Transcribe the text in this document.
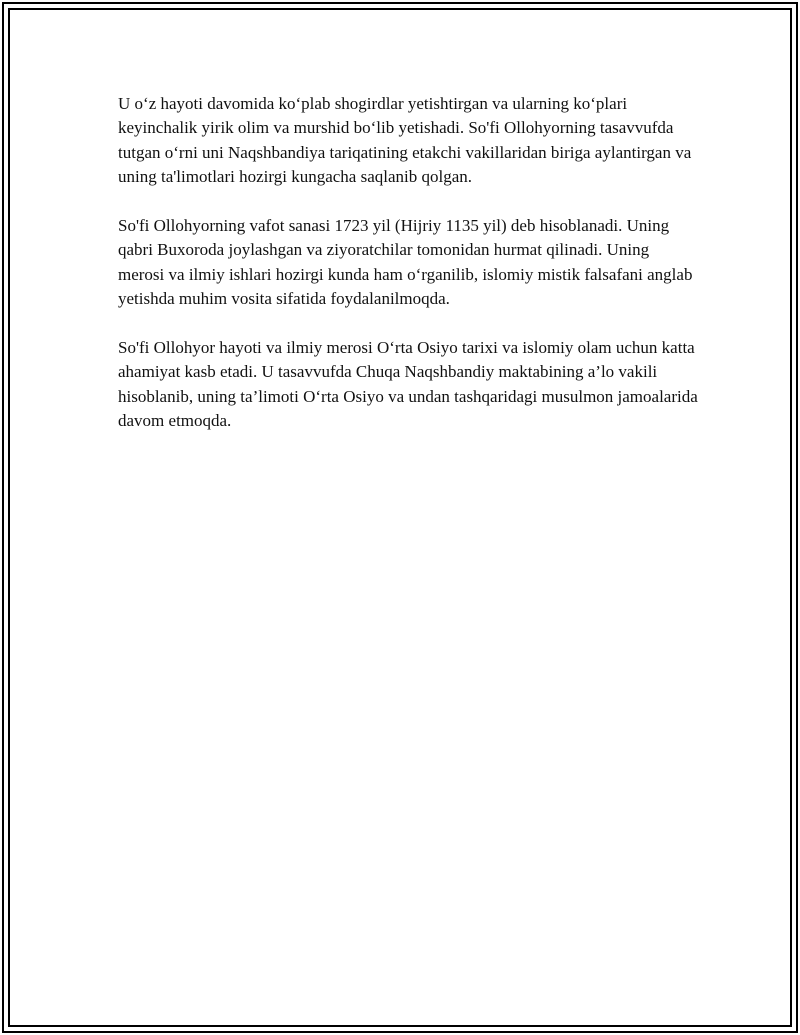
U o‘z hayoti davomida ko‘plab shogirdlar yetishtirgan va ularning ko‘plari keyinchalik yirik olim va murshid bo‘lib yetishadi. So'fi Ollohyorning tasavvufda tutgan o‘rni uni Naqshbandiya tariqatining etakchi vakillaridan biriga aylantirgan va uning ta'limotlari hozirgi kungacha saqlanib qolgan.

So'fi Ollohyorning vafot sanasi 1723 yil (Hijriy 1135 yil) deb hisoblanadi. Uning qabri Buxoroda joylashgan va ziyoratchilar tomonidan hurmat qilinadi. Uning merosi va ilmiy ishlari hozirgi kunda ham o‘rganilib, islomiy mistik falsafani anglab yetishda muhim vosita sifatida foydalanilmoqda.

So'fi Ollohyor hayoti va ilmiy merosi O‘rta Osiyo tarixi va islomiy olam uchun katta ahamiyat kasb etadi. U tasavvufda Chuqa Naqshbandiy maktabining a’lo vakili hisoblanib, uning ta’limoti O‘rta Osiyo va undan tashqaridagi musulmon jamoalarida davom etmoqda.
